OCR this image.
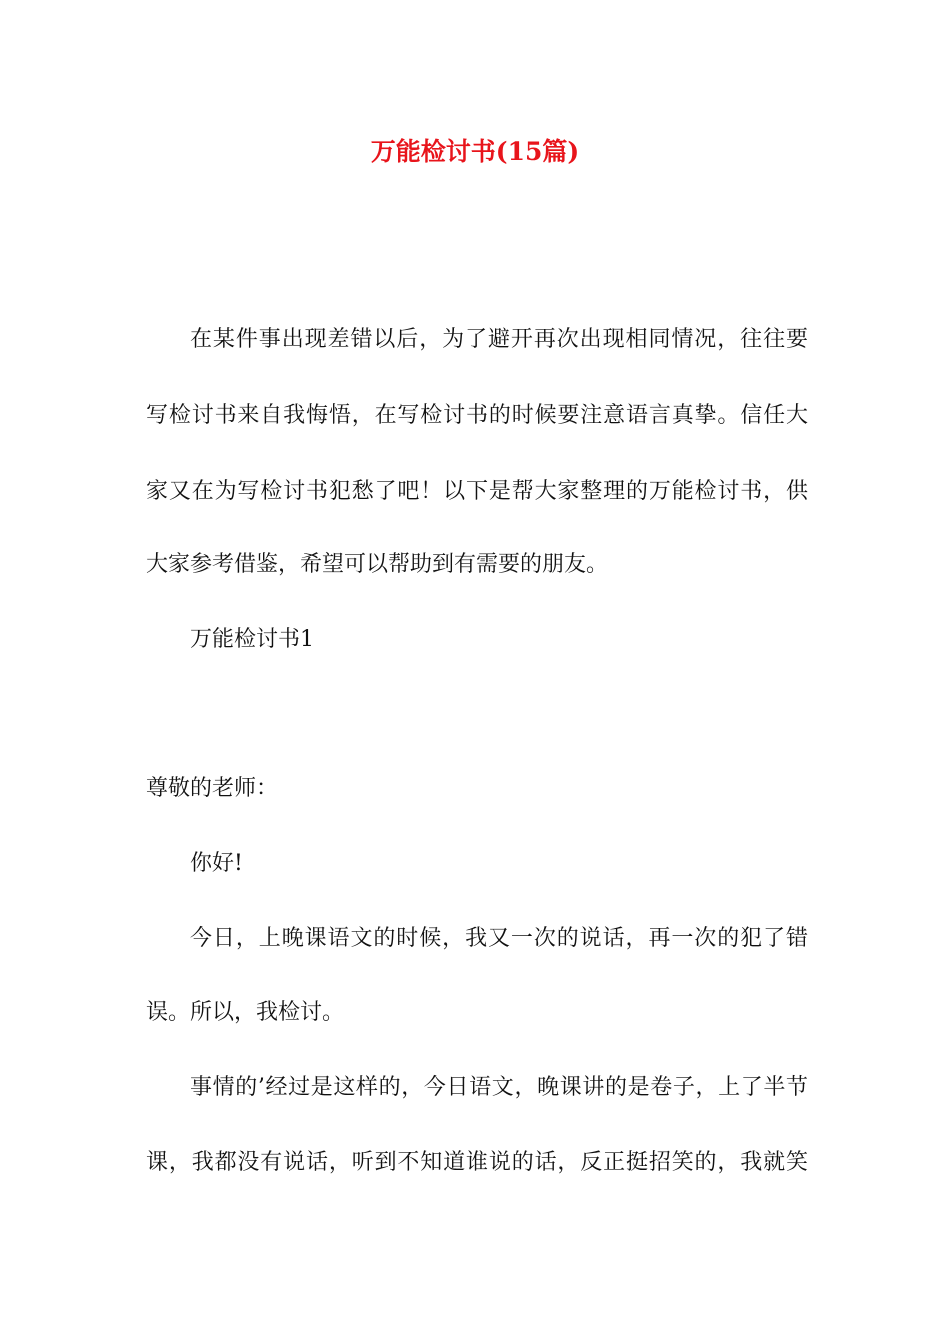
万能检讨书(15篇)
在某件事出现差错以后，为了避开再次出现相同情况，往往要
写检讨书来自我悔悟，在写检讨书的时候要注意语言真挚。信任大
家又在为写检讨书犯愁了吧！以下是帮大家整理的万能检讨书，供
大家参考借鉴，希望可以帮助到有需要的朋友。
万能检讨书1
尊敬的老师：
你好!
今日，上晚课语文的时候，我又一次的说话，再一次的犯了错
误。所以，我检讨。
事情的’经过是这样的，今日语文，晚课讲的是卷子，上了半节
课，我都没有说话，听到不知道谁说的话，反正挺招笑的，我就笑
